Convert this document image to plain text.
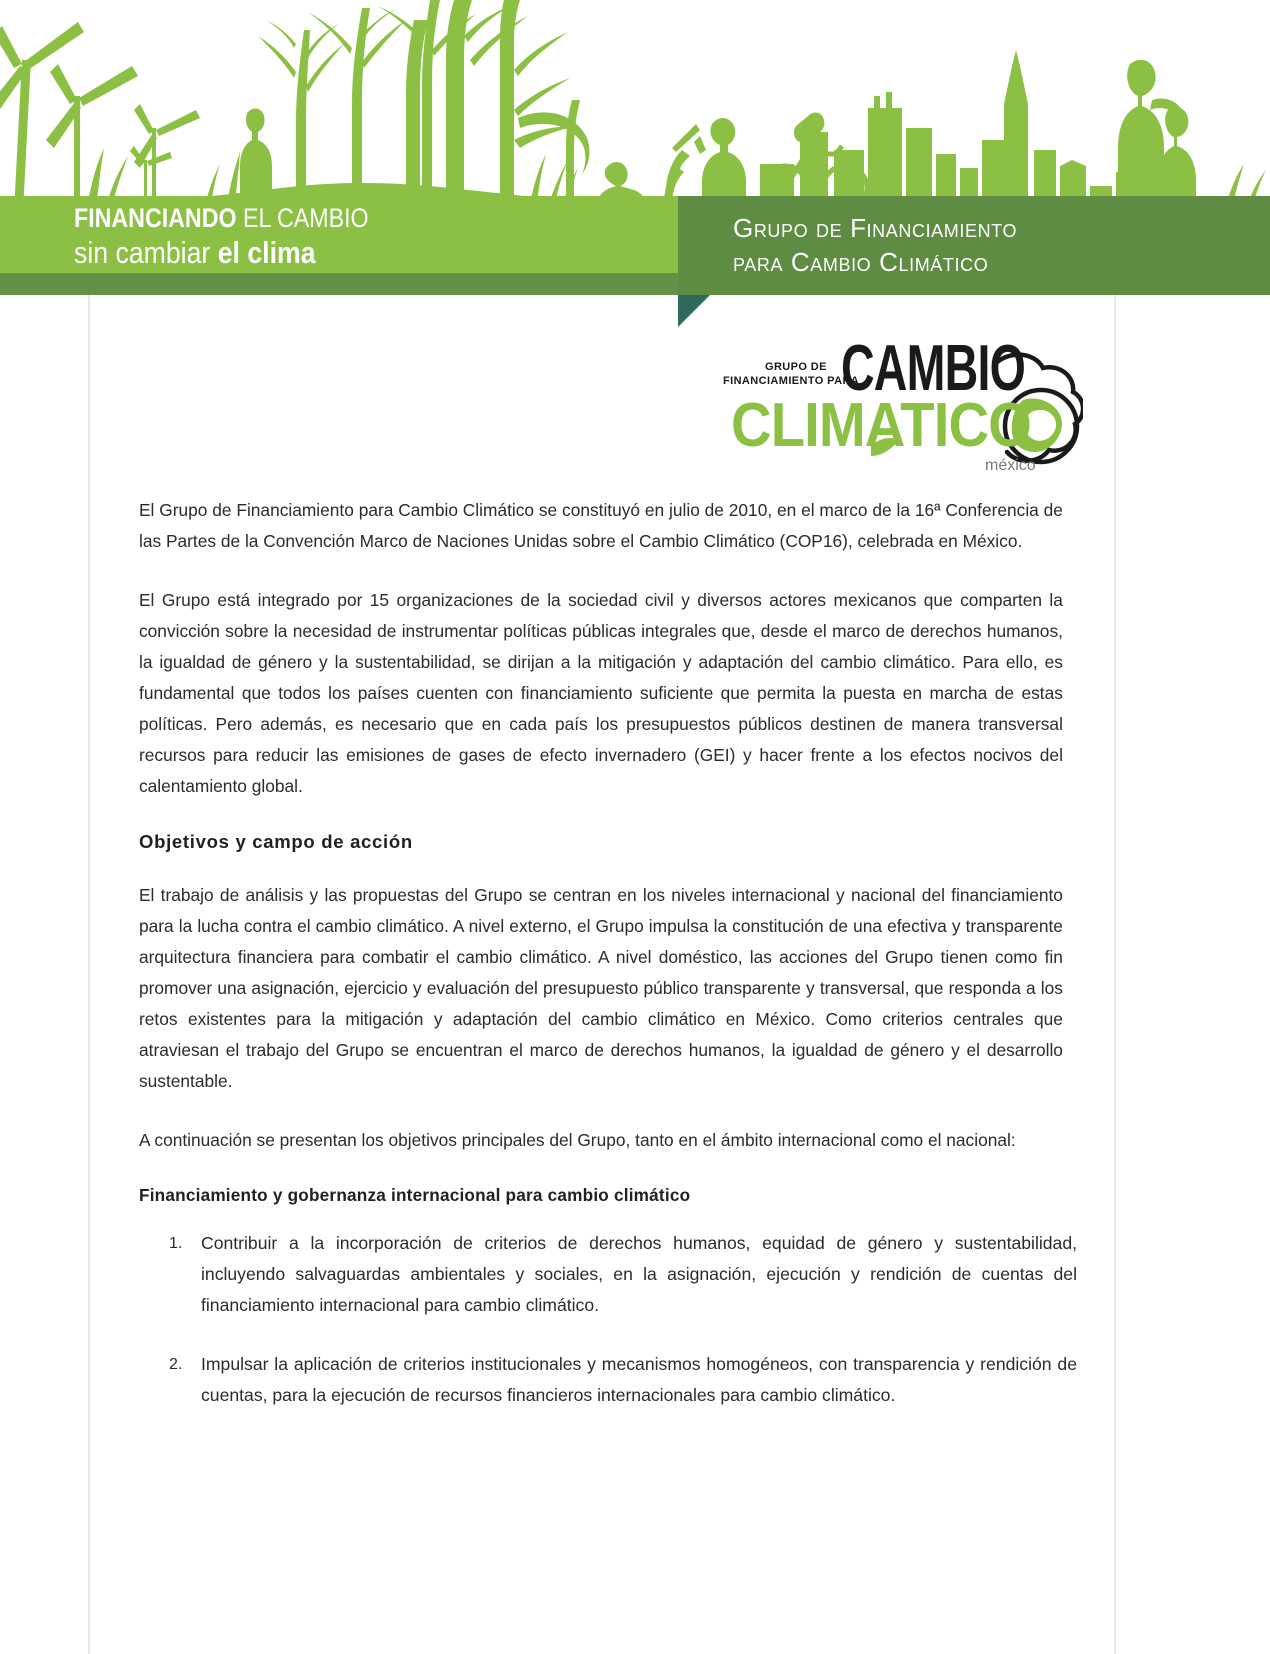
FINANCIANDO EL CAMBIO
sin cambiar el clima
Grupo de Financiamiento
para Cambio Climático
GRUPO DE
FINANCIAMIENTO PARA
CAMBIO
CLIMATICO
méxico

El Grupo de Financiamiento para Cambio Climático se constituyó en julio de 2010, en el marco de la 16ª Conferencia de las Partes de la Convención Marco de Naciones Unidas sobre el Cambio Climático (COP16), celebrada en México.

El Grupo está integrado por 15 organizaciones de la sociedad civil y diversos actores mexicanos que comparten la convicción sobre la necesidad de instrumentar políticas públicas integrales que, desde el marco de derechos humanos, la igualdad de género y la sustentabilidad, se dirijan a la mitigación y adaptación del cambio climático. Para ello, es fundamental que todos los países cuenten con financiamiento suficiente que permita la puesta en marcha de estas políticas. Pero además, es necesario que en cada país los presupuestos públicos destinen de manera transversal recursos para reducir las emisiones de gases de efecto invernadero (GEI) y hacer frente a los efectos nocivos del calentamiento global.

Objetivos y campo de acción

El trabajo de análisis y las propuestas del Grupo se centran en los niveles internacional y nacional del financiamiento para la lucha contra el cambio climático. A nivel externo, el Grupo impulsa la constitución de una efectiva y transparente arquitectura financiera para combatir el cambio climático. A nivel doméstico, las acciones del Grupo tienen como fin promover una asignación, ejercicio y evaluación del presupuesto público transparente y transversal, que responda a los retos existentes para la mitigación y adaptación del cambio climático en México. Como criterios centrales que atraviesan el trabajo del Grupo se encuentran el marco de derechos humanos, la igualdad de género y el desarrollo sustentable.

A continuación se presentan los objetivos principales del Grupo, tanto en el ámbito internacional como el nacional:

Financiamiento y gobernanza internacional para cambio climático
Contribuir a la incorporación de criterios de derechos humanos, equidad de género y sustentabilidad, incluyendo salvaguardas ambientales y sociales, en la asignación, ejecución y rendición de cuentas del financiamiento internacional para cambio climático.
Impulsar la aplicación de criterios institucionales y mecanismos homogéneos, con transparencia y rendición de cuentas, para la ejecución de recursos financieros internacionales para cambio climático.
